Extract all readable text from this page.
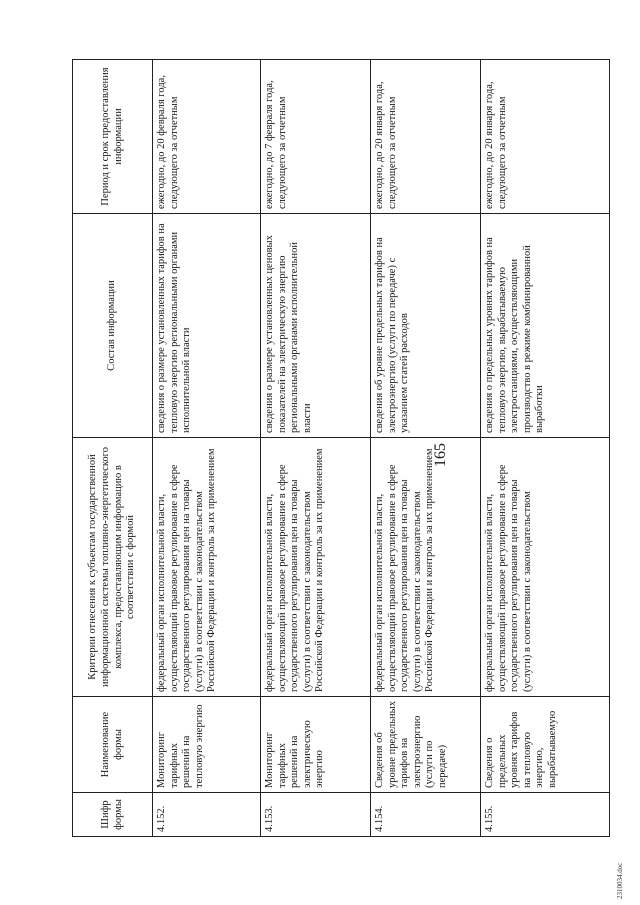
165
Шифр формы	Наименование формы	Критерии отнесения к субъектам государственной информационной системы топливно-энергетического комплекса, предоставляющим информацию в соответствии с формой	Состав информации	Период и срок предоставления информации
4.152.	Мониторинг тарифных решений на тепловую энергию	федеральный орган исполнительной власти, осуществляющий правовое регулирование в сфере государственного регулирования цен на товары (услуги) в соответствии с законодательством Российской Федерации и контроль за их применением	сведения о размере установленных тарифов на тепловую энергию региональными органами исполнительной власти	ежегодно, до 20 февраля года, следующего за отчетным
4.153.	Мониторинг тарифных решений на электрическую энергию	федеральный орган исполнительной власти, осуществляющий правовое регулирование в сфере государственного регулирования цен на товары (услуги) в соответствии с законодательством Российской Федерации и контроль за их применением	сведения о размере установленных ценовых показателей на электрическую энергию региональными органами исполнительной власти	ежегодно, до 7 февраля года, следующего за отчетным
4.154.	Сведения об уровне предельных тарифов на электроэнергию (услуги по передаче)	федеральный орган исполнительной власти, осуществляющий правовое регулирование в сфере государственного регулирования цен на товары (услуги) в соответствии с законодательством Российской Федерации и контроль за их применением	сведения об уровне предельных тарифов на электроэнергию (услуги по передаче) с указанием статей расходов	ежегодно, до 20 января года, следующего за отчетным
4.155.	Сведения о предельных уровнях тарифов на тепловую энергию, вырабатываемую	федеральный орган исполнительной власти, осуществляющий правовое регулирование в сфере государственного регулирования цен на товары (услуги) в соответствии с законодательством	сведения о предельных уровнях тарифов на тепловую энергию, вырабатываемую электростанциями, осуществляющими производство в режиме комбинированной выработки	ежегодно, до 20 января года, следующего за отчетным
2310034.doc
